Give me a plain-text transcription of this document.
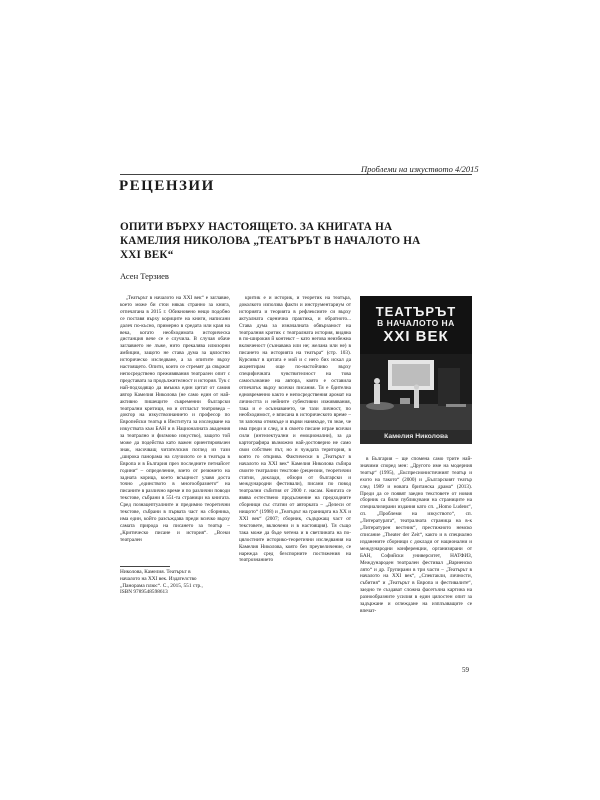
Проблеми на изкуството 4/2015
РЕЦЕНЗИИ
ОПИТИ ВЪРХУ НАСТОЯЩЕТО. ЗА КНИГАТА НА
КАМЕЛИЯ НИКОЛОВА „ТЕАТЪРЪТ В НАЧАЛОТО НА
XXI ВЕК“
Асен Терзиев

„Театърът в началото на XXI век“ е заглавие, което може би стои някак странно за книга, отпечатана в 2015 г. Обикновено нещо подобно се поставя върху кориците на книги, написани далеч по-късно, примерно в средата или края на века, когато необходимата историческа дистанция вече се е случила. В случая обаче заглавието не лъже, нито прекалява илюзорни амбиции, защото не става дума за цялостно историческо изследване, а за опитите върху настоящето. Опити, които се стремят да свържат непосредствено преживявания театрален опит с представата за продължителност и история. Тук с най-подходящо да вмъкна един цитат от самия автор Камелия Николова (не само един от най-активно пишещите съвременни български театрални критици, но и отгласът театроведа – доктор на изкуствознанието и професор по Европейски театър в Института за изследване на изкуствата към БАН и в Националната академия за театрално и филмово изкуство), защото той може да подейства като важен ориентировъчен знак, насочващ читателския поглед из тази „широка панорама на случилото се в театъра в Европа и в България през последните петнайсет години“ – определение, взето от резюмето на задната корица, което всъщност улавя доста точно „единството в многообразието“ на писаните в различно време и по различни поводи текстове, събрани в 551-та страници на книгата. Сред познацептуалните и предимно теоретични текстове, събрани в първата част на сборника, има един, който разсъждава преди всичко върху самата природа на писането за театър – „Критическо писане и история“. „Всеки театрален

критик е и историк, и теоретик на театъра, доколкото използва факти и инструментариум от историята и теорията в рефлексиите си върху актуалната сценична практика, и обратното... Става дума за изначалната обвързаност на театралния критик с театралната история, видяна в по-широкия й контекст – като негова неизбежна включеност (съзнавана или не; желана или не) в писането на историята на театъра“ (стр. 103). Курсивът в цитата е мой и с него бих искал да акцентирам още по-настойчиво върху специфичната чувствителност на това самосъзнание на автора, която е оставила отпечатък върху всички писания. Тя е бдителна едновременно както е непосредствения аромат на личността и нейните субективни изживявания, така и е осъзнаването, че тази личност, по необходимост, е вписана в историческото време – тя започва отнякъде и върви нанякъде, тя знае, че има преди и след, и в своето писане играе всички сили (интелектуални и емоционални), за да картографира възможно най-достоверно не само свои собствен път, но и чуждата територия, в която го открива. Фактически в „Театърът в началото на XXI век“ Камелия Николова събира своите театрални текстове (рецензии, теоретични статии, доклади, обзори от български и международни фестивали), писани по повод театрални събития от 2000 г. насам. Книгата се явява естествено продължение на предходните сборници със статии от авторката – „Делеси от нищото“ (1998) и „Театърът на границата на XX и XXI век“ (2007; сборник, съдържащ част от текстовете, включени и в настоящия). Тя също така може да бъде четена и в светлината на по-цялостните историко-теоретични изследвания на Камелия Николова, която без преувеличение, се нарежда сред безспорните постижения на театрознанието

ТЕАТЪРЪТ
В НАЧАЛОТО НА
XXI ВЕК
Камелия Николова

в България – ще спомена само трите най-значими според мен: „Другото име на модерния театър“ (1995), „Експресионистичният театър и ехото на такото“ (2000) и „Българският театър след 1989 и новата британска драма“ (2013). Преди да се появят заедно текстовете от новия сборник са били публикувани на страниците на специализирани издания като сп. „Homo Ludens“, сп. „Проблеми на изкуството“, сп. „Литературата“, театралната страница на в-к „Литературен вестник“, престижното немско списание „Theater der Zeit“, както и в специално изданените сборници с доклади от национални и международни конференции, организирани от БАН, Софийски университет, НАТФИЗ, Международен театрален фестивал „Варненско лято“ и др. Групирани в три части – „Театърът в началото на XXI век“, „Спектакли, личности, събития“ и „Театърът в Европа и фестивалите“, заедно те създават сложна фасетъчна картина на разнообразните усилия в един цялостен опит за задържане и оглеждане на изплъзващите се впечат-

Николова, Камелия. Театърът в
началото на XXI век. Издателство
„Панорама плюс“. С., 2015, 551 стр.,
ISBN 9789548598613
59
